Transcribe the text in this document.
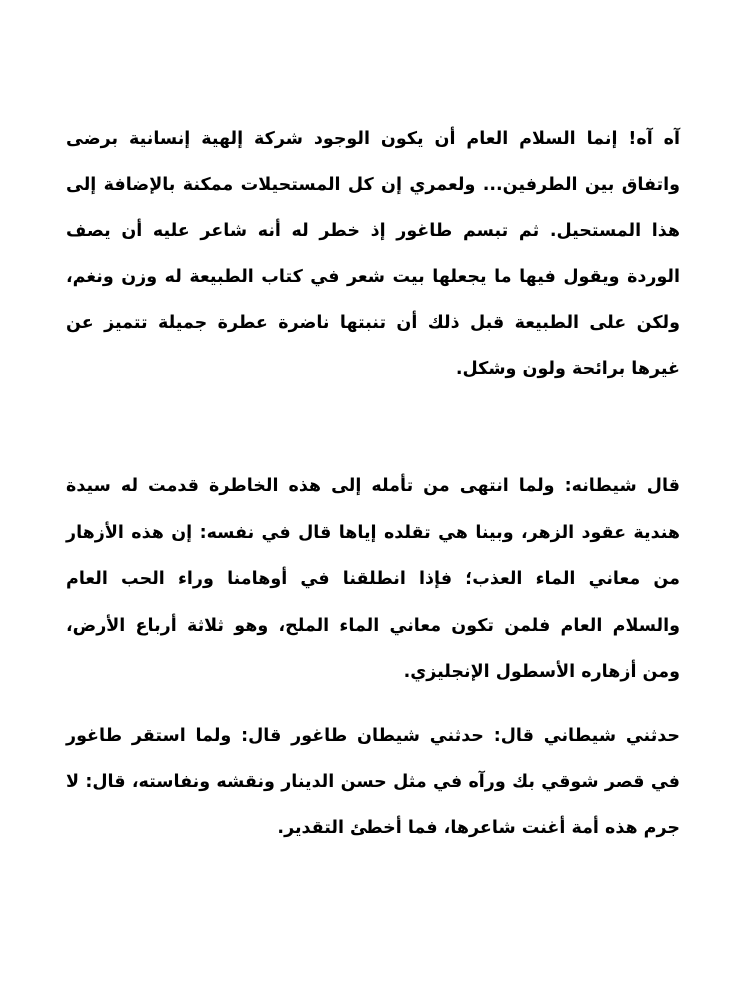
آه آه! إنما السلام العام أن يكون الوجود شركة إلهية إنسانية برضى واتفاق بين الطرفين... ولعمري إن كل المستحيلات ممكنة بالإضافة إلى هذا المستحيل. ثم تبسم طاغور إذ خطر له أنه شاعر عليه أن يصف الوردة ويقول فيها ما يجعلها بيت شعر في كتاب الطبيعة له وزن ونغم، ولكن على الطبيعة قبل ذلك أن تنبتها ناضرة عطرة جميلة تتميز عن غيرها برائحة ولون وشكل.

قال شيطانه: ولما انتهى من تأمله إلى هذه الخاطرة قدمت له سيدة هندية عقود الزهر، وبينا هي تقلده إياها قال في نفسه: إن هذه الأزهار من معاني الماء العذب؛ فإذا انطلقنا في أوهامنا وراء الحب العام والسلام العام فلمن تكون معاني الماء الملح، وهو ثلاثة أرباع الأرض، ومن أزهاره الأسطول الإنجليزي.

حدثني شيطاني قال: حدثني شيطان طاغور قال: ولما استقر طاغور في قصر شوقي بك ورآه في مثل حسن الدينار ونقشه ونفاسته، قال: لا جرم هذه أمة أغنت شاعرها، فما أخطئ التقدير.
